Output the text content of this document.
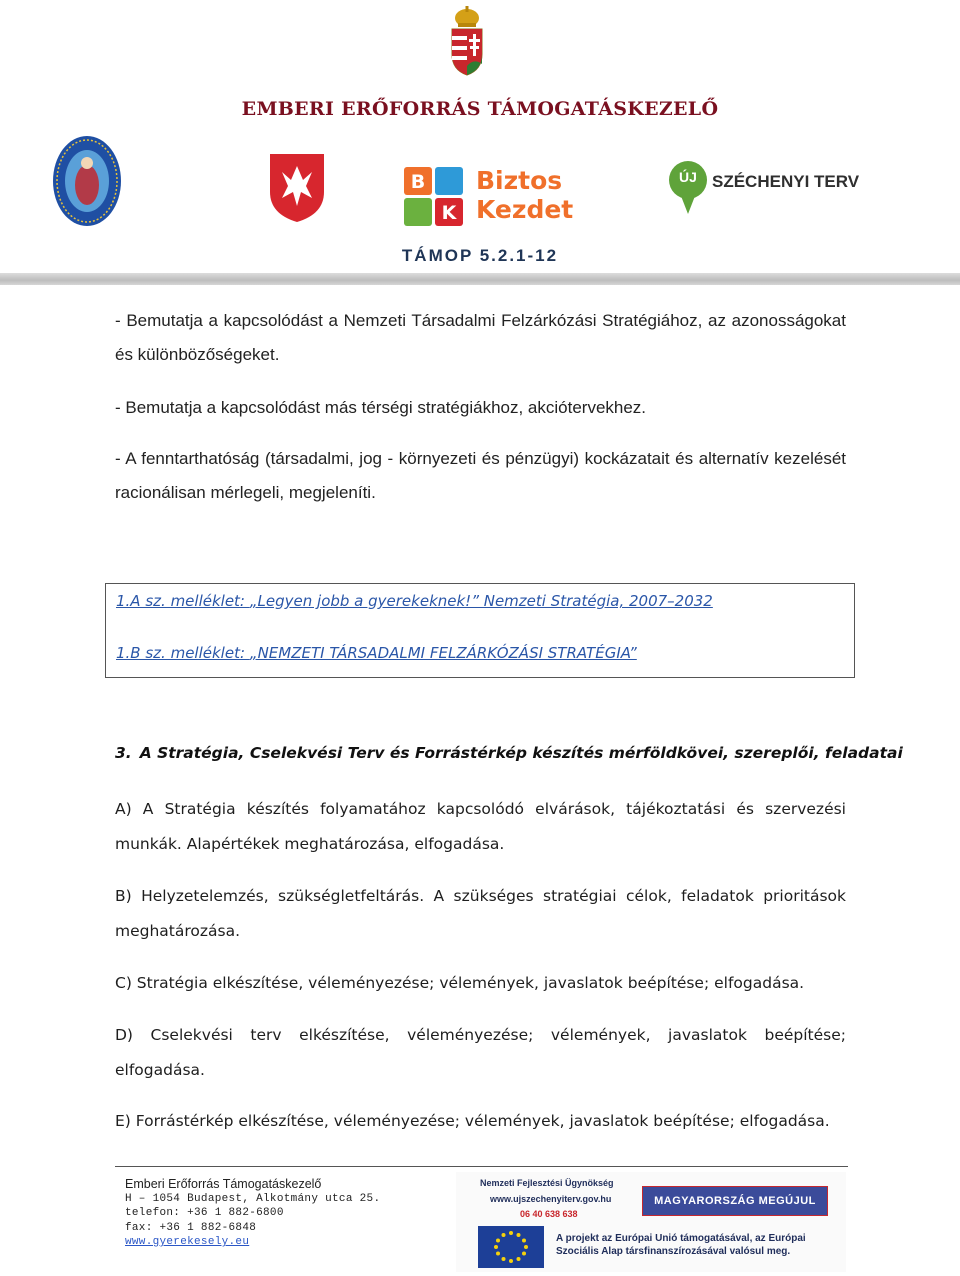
EMBERI ERŐFORRÁS TÁMOGATÁSKEZELŐ
B
K
Biztos
Kezdet
ÚJ SZÉCHENYI TERV
TÁMOP 5.2.1-12
- Bemutatja a kapcsolódást a Nemzeti Társadalmi Felzárkózási Stratégiához, az azonosságokat és különbözőségeket.
- Bemutatja a kapcsolódást más térségi stratégiákhoz, akciótervekhez.
- A fenntarthatóság (társadalmi, jog - környezeti és pénzügyi) kockázatait és alternatív kezelését racionálisan mérlegeli, megjeleníti.
1.A sz. melléklet: „Legyen jobb a gyerekeknek!” Nemzeti Stratégia, 2007–2032
1.B sz. melléklet: „NEMZETI TÁRSADALMI FELZÁRKÓZÁSI STRATÉGIA”
3. A Stratégia, Cselekvési Terv és Forrástérkép készítés mérföldkövei, szereplői, feladatai
A) A Stratégia készítés folyamatához kapcsolódó elvárások, tájékoztatási és szervezési munkák. Alapértékek meghatározása, elfogadása.
B) Helyzetelemzés, szükségletfeltárás. A szükséges stratégiai célok, feladatok prioritások meghatározása.
C) Stratégia elkészítése, véleményezése; vélemények, javaslatok beépítése; elfogadása.
D) Cselekvési terv elkészítése, véleményezése; vélemények, javaslatok beépítése; elfogadása.
E) Forrástérkép elkészítése, véleményezése; vélemények, javaslatok beépítése; elfogadása.
Emberi Erőforrás Támogatáskezelő
H – 1054 Budapest, Alkotmány utca 25.
telefon: +36 1 882-6800
fax: +36 1 882-6848
www.gyerekesely.eu
Nemzeti Fejlesztési Ügynökség
www.ujszechenyiterv.gov.hu
06 40 638 638
MAGYARORSZÁG MEGÚJUL
A projekt az Európai Unió támogatásával, az Európai Szociális Alap társfinanszírozásával valósul meg.
